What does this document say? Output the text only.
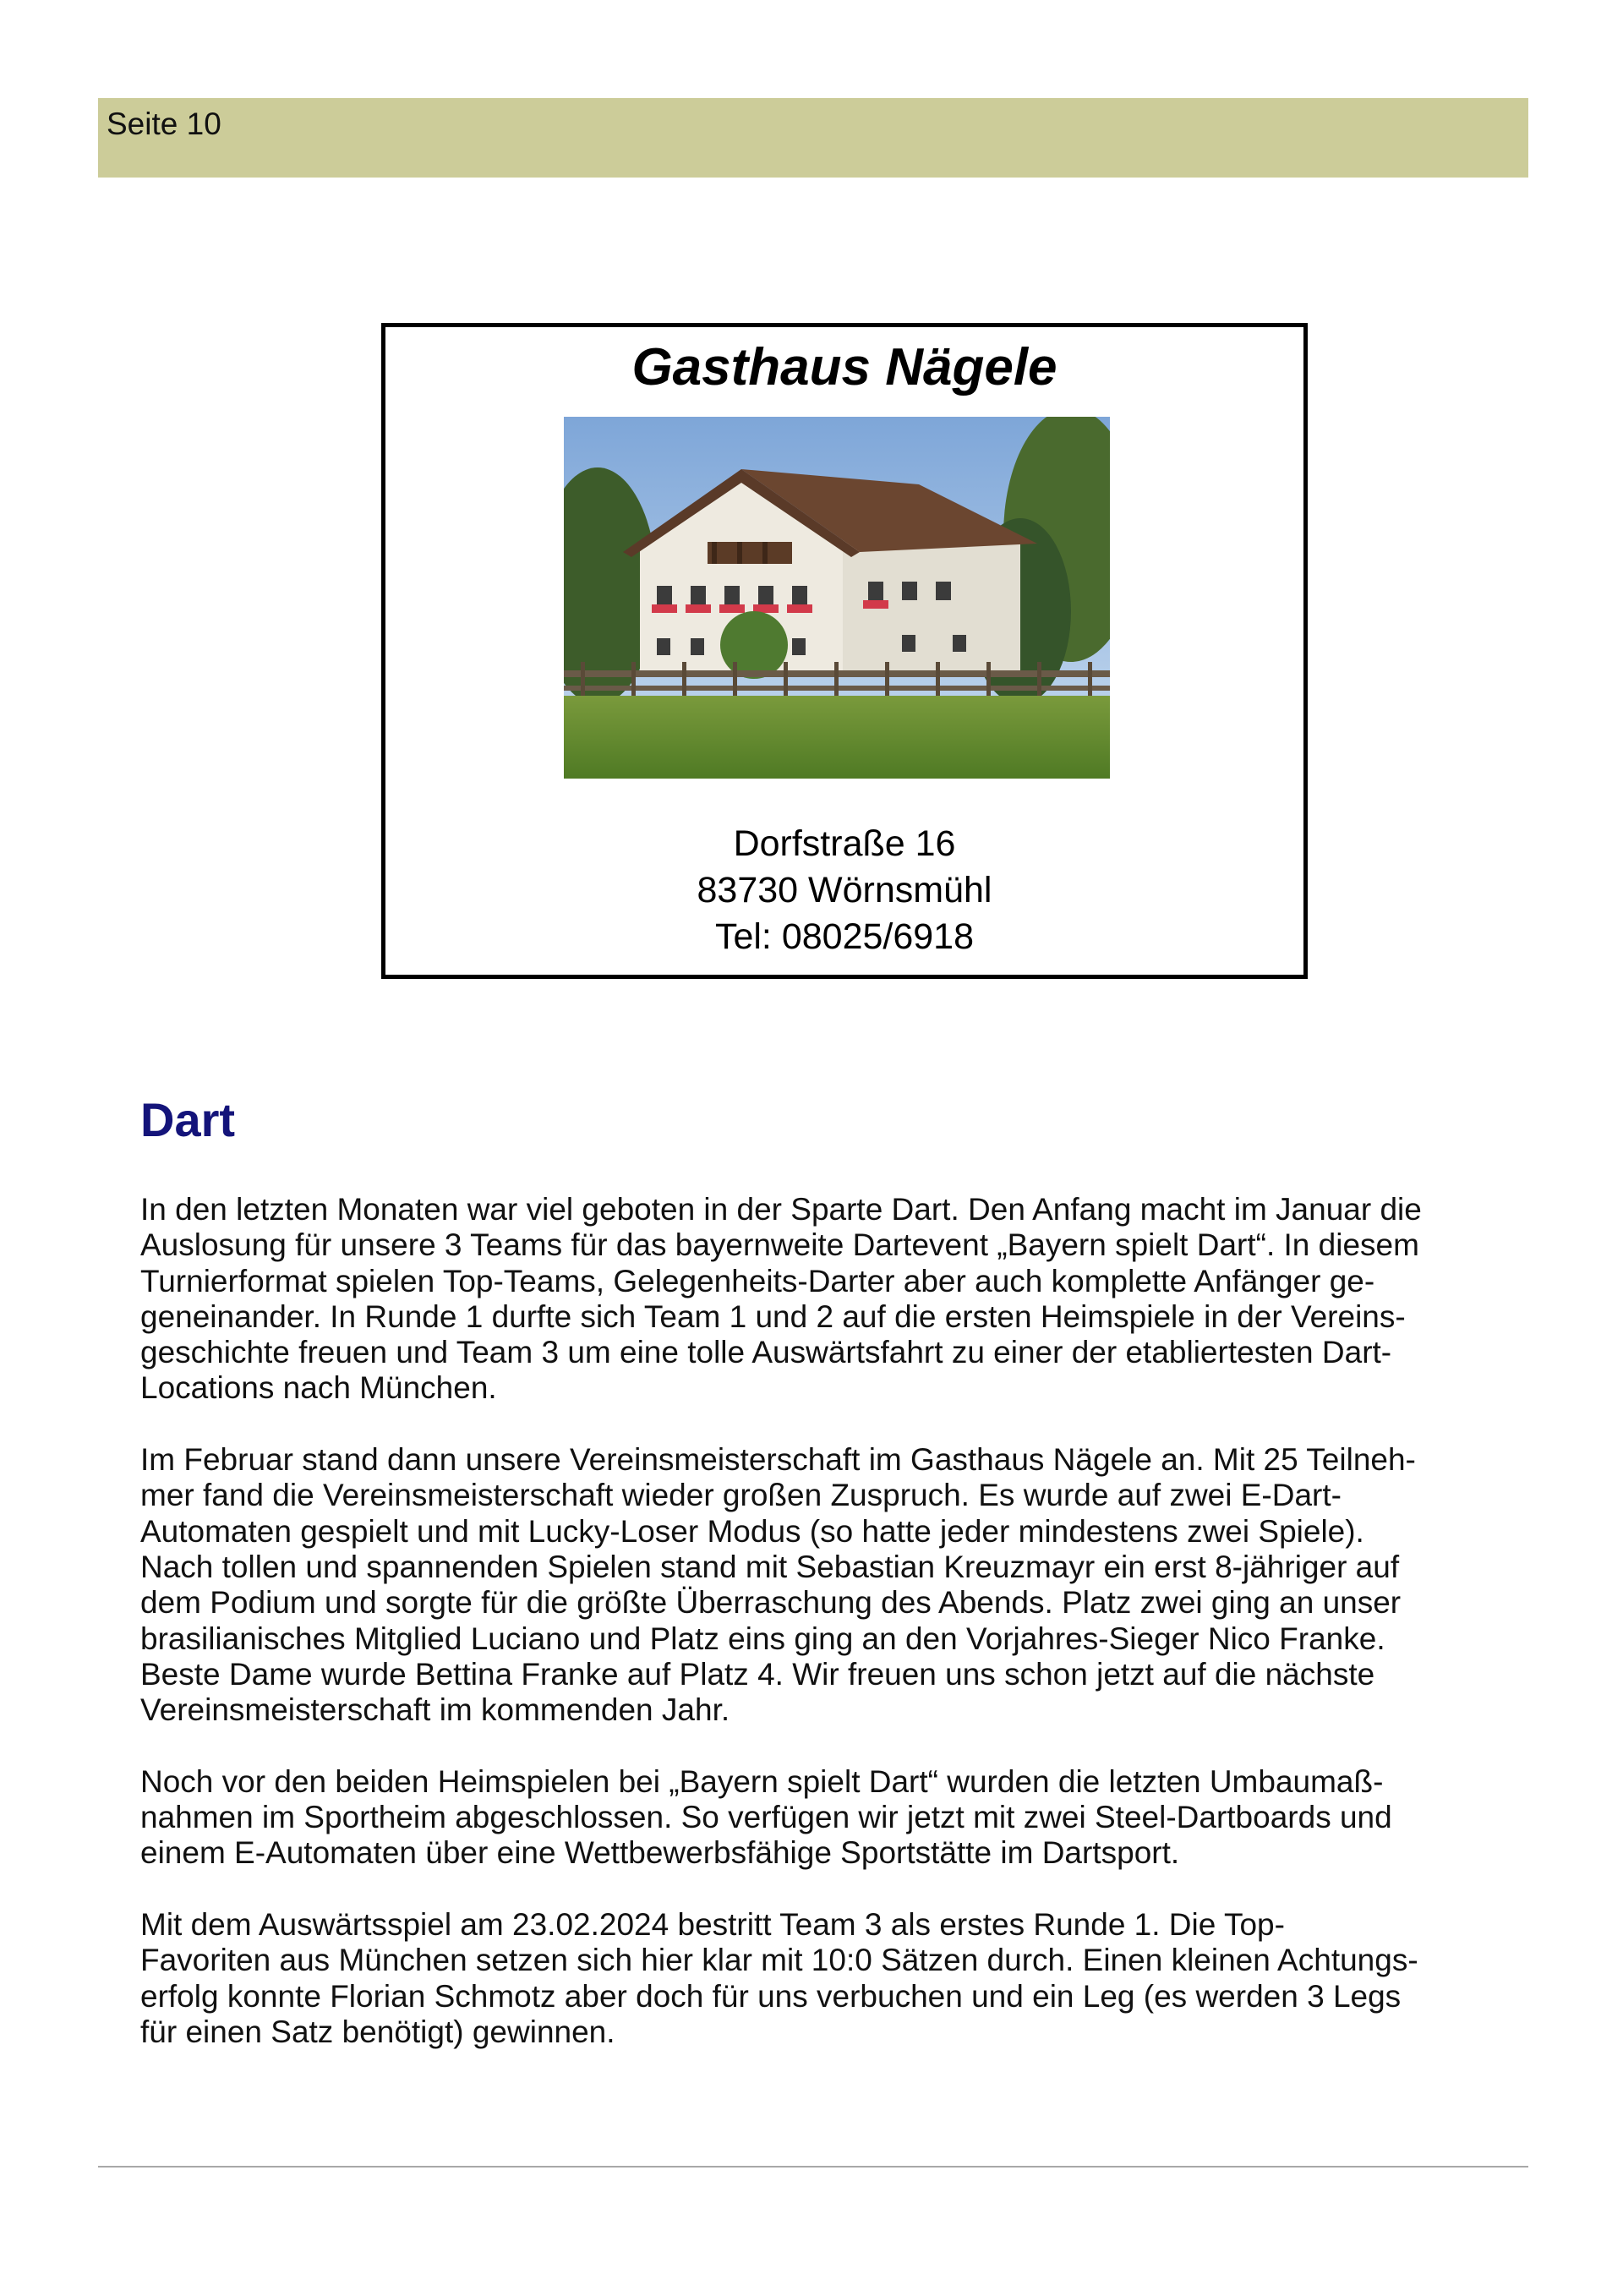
Seite 10
Gasthaus Nägele
Dorfstraße 16
83730 Wörnsmühl
Tel: 08025/6918
Dart

In den letzten Monaten war viel geboten in der Sparte Dart. Den Anfang macht im Januar die
Auslosung für unsere 3 Teams für das bayernweite Dartevent „Bayern spielt Dart“. In diesem
Turnierformat spielen Top-Teams, Gelegenheits-Darter aber auch komplette Anfänger ge-
geneinander. In Runde 1 durfte sich Team 1 und 2 auf die ersten Heimspiele in der Vereins-
geschichte freuen und Team 3 um eine tolle Auswärtsfahrt zu einer der etabliertesten Dart-
Locations nach München.

Im Februar stand dann unsere Vereinsmeisterschaft im Gasthaus Nägele an. Mit 25 Teilneh-
mer fand die Vereinsmeisterschaft wieder großen Zuspruch. Es wurde auf zwei E-Dart-
Automaten gespielt und mit Lucky-Loser Modus (so hatte jeder mindestens zwei Spiele).
Nach tollen und spannenden Spielen stand mit Sebastian Kreuzmayr ein erst 8-jähriger auf
dem Podium und sorgte für die größte Überraschung des Abends. Platz zwei ging an unser
brasilianisches Mitglied Luciano und Platz eins ging an den Vorjahres-Sieger Nico Franke.
Beste Dame wurde Bettina Franke auf Platz 4. Wir freuen uns schon jetzt auf die nächste
Vereinsmeisterschaft im kommenden Jahr.

Noch vor den beiden Heimspielen bei „Bayern spielt Dart“ wurden die letzten Umbaumaß-
nahmen im Sportheim abgeschlossen. So verfügen wir jetzt mit zwei Steel-Dartboards und
einem E-Automaten über eine Wettbewerbsfähige Sportstätte im Dartsport.

Mit dem Auswärtsspiel am 23.02.2024 bestritt Team 3 als erstes Runde 1. Die Top-
Favoriten aus München setzen sich hier klar mit 10:0 Sätzen durch. Einen kleinen Achtungs-
erfolg konnte Florian Schmotz aber doch für uns verbuchen und ein Leg (es werden 3 Legs
für einen Satz benötigt) gewinnen.
